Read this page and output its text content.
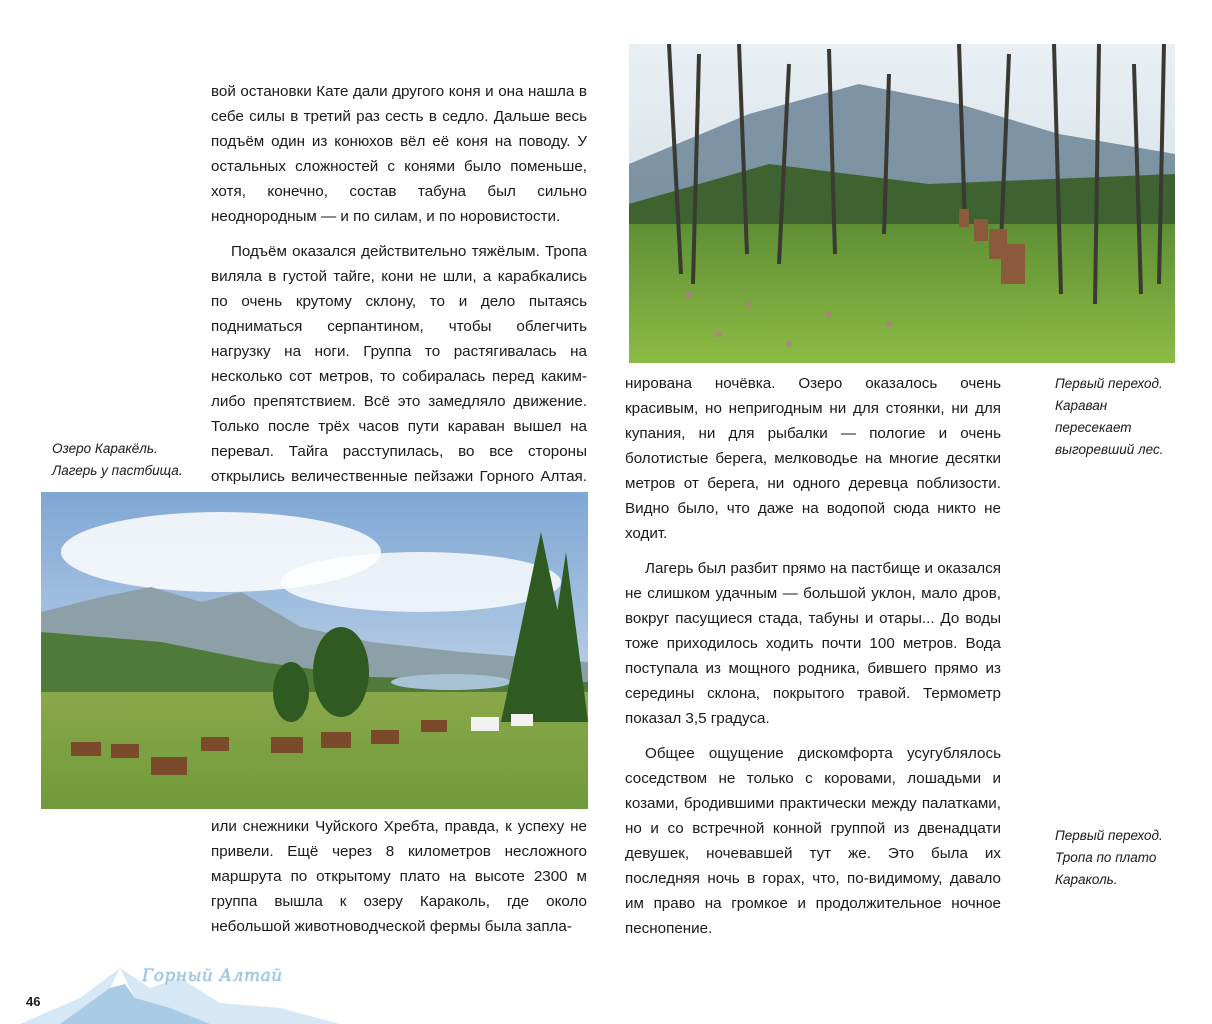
вой остановки Кате дали другого коня и она нашла в себе силы в третий раз сесть в седло. Дальше весь подъём один из конюхов вёл её коня на поводу. У остальных сложностей с конями было поменьше, хотя, конечно, состав табуна был сильно неоднородным — и по силам, и по норовистости.

Подъём оказался действительно тяжёлым. Тропа виляла в густой тайге, кони не шли, а карабкались по очень крутому склону, то и дело пытаясь подниматься серпантином, чтобы облегчить нагрузку на ноги. Группа то растягивалась на несколько сот метров, то собиралась перед каким-либо препятствием. Всё это замедляло движение. Только после трёх часов пути караван вышел на перевал. Тайга расступилась, во все стороны открылись величественные пейзажи Горного Алтая.

Озеро Каракёль.
Лагерь у пастбища.

или снежники Чуйского Хребта, правда, к успеху не привели. Ещё через 8 километров несложного маршрута по открытому плато на высоте 2300 м группа вышла к озеру Караколь, где около небольшой животноводческой фермы была запла-

нирована ночёвка. Озеро оказалось очень красивым, но непригодным ни для стоянки, ни для купания, ни для рыбалки — пологие и очень болотистые берега, мелководье на многие десятки метров от берега, ни одного деревца поблизости. Видно было, что даже на водопой сюда никто не ходит.

Лагерь был разбит прямо на пастбище и оказался не слишком удачным — большой уклон, мало дров, вокруг пасущиеся стада, табуны и отары... До воды тоже приходилось ходить почти 100 метров. Вода поступала из мощного родника, бившего прямо из середины склона, покрытого травой. Термометр показал 3,5 градуса.

Общее ощущение дискомфорта усугублялось соседством не только с коровами, лошадьми и козами, бродившими практически между палатками, но и со встречной конной группой из двенадцати девушек, ночевавшей тут же. Это была их последняя ночь в горах, что, по-видимому, давало им право на громкое и продолжительное ночное песнопение.

Первый переход.
Караван
пересекает
выгоревший лес.
Первый переход.
Тропа по плато
Караколь.
Горный Алтай
46
